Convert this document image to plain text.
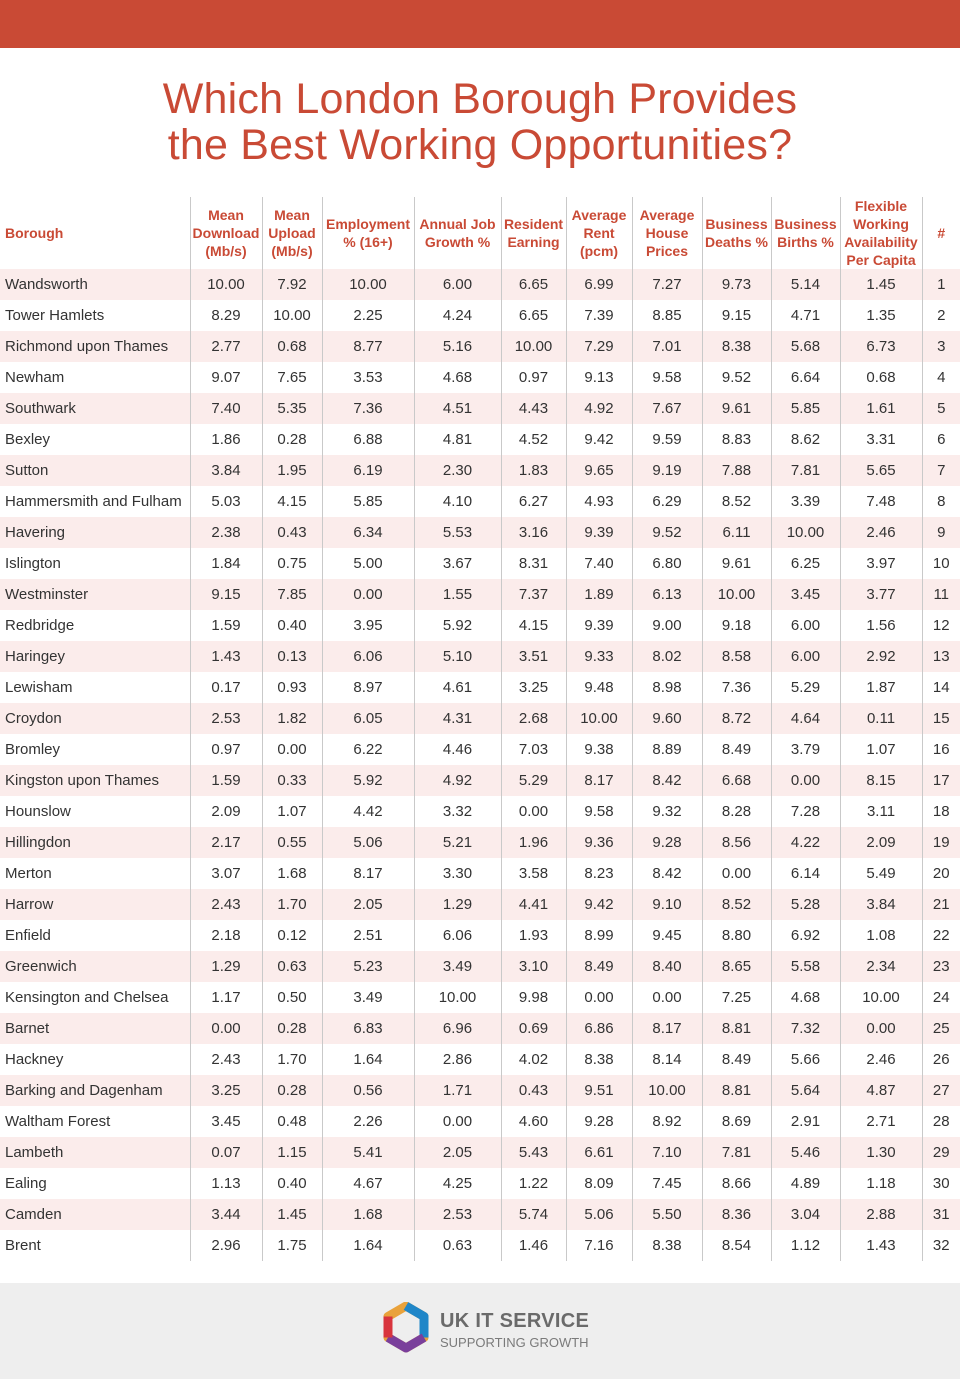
Which London Borough Provides
the Best Working Opportunities?
Borough	Mean Download (Mb/s)	Mean Upload (Mb/s)	Employment % (16+)	Annual Job Growth %	Resident Earning	Average Rent (pcm)	Average House Prices	Business Deaths %	Business Births %	Flexible Working Availability Per Capita	#
Wandsworth	10.00	7.92	10.00	6.00	6.65	6.99	7.27	9.73	5.14	1.45	1
Tower Hamlets	8.29	10.00	2.25	4.24	6.65	7.39	8.85	9.15	4.71	1.35	2
Richmond upon Thames	2.77	0.68	8.77	5.16	10.00	7.29	7.01	8.38	5.68	6.73	3
Newham	9.07	7.65	3.53	4.68	0.97	9.13	9.58	9.52	6.64	0.68	4
Southwark	7.40	5.35	7.36	4.51	4.43	4.92	7.67	9.61	5.85	1.61	5
Bexley	1.86	0.28	6.88	4.81	4.52	9.42	9.59	8.83	8.62	3.31	6
Sutton	3.84	1.95	6.19	2.30	1.83	9.65	9.19	7.88	7.81	5.65	7
Hammersmith and Fulham	5.03	4.15	5.85	4.10	6.27	4.93	6.29	8.52	3.39	7.48	8
Havering	2.38	0.43	6.34	5.53	3.16	9.39	9.52	6.11	10.00	2.46	9
Islington	1.84	0.75	5.00	3.67	8.31	7.40	6.80	9.61	6.25	3.97	10
Westminster	9.15	7.85	0.00	1.55	7.37	1.89	6.13	10.00	3.45	3.77	11
Redbridge	1.59	0.40	3.95	5.92	4.15	9.39	9.00	9.18	6.00	1.56	12
Haringey	1.43	0.13	6.06	5.10	3.51	9.33	8.02	8.58	6.00	2.92	13
Lewisham	0.17	0.93	8.97	4.61	3.25	9.48	8.98	7.36	5.29	1.87	14
Croydon	2.53	1.82	6.05	4.31	2.68	10.00	9.60	8.72	4.64	0.11	15
Bromley	0.97	0.00	6.22	4.46	7.03	9.38	8.89	8.49	3.79	1.07	16
Kingston upon Thames	1.59	0.33	5.92	4.92	5.29	8.17	8.42	6.68	0.00	8.15	17
Hounslow	2.09	1.07	4.42	3.32	0.00	9.58	9.32	8.28	7.28	3.11	18
Hillingdon	2.17	0.55	5.06	5.21	1.96	9.36	9.28	8.56	4.22	2.09	19
Merton	3.07	1.68	8.17	3.30	3.58	8.23	8.42	0.00	6.14	5.49	20
Harrow	2.43	1.70	2.05	1.29	4.41	9.42	9.10	8.52	5.28	3.84	21
Enfield	2.18	0.12	2.51	6.06	1.93	8.99	9.45	8.80	6.92	1.08	22
Greenwich	1.29	0.63	5.23	3.49	3.10	8.49	8.40	8.65	5.58	2.34	23
Kensington and Chelsea	1.17	0.50	3.49	10.00	9.98	0.00	0.00	7.25	4.68	10.00	24
Barnet	0.00	0.28	6.83	6.96	0.69	6.86	8.17	8.81	7.32	0.00	25
Hackney	2.43	1.70	1.64	2.86	4.02	8.38	8.14	8.49	5.66	2.46	26
Barking and Dagenham	3.25	0.28	0.56	1.71	0.43	9.51	10.00	8.81	5.64	4.87	27
Waltham Forest	3.45	0.48	2.26	0.00	4.60	9.28	8.92	8.69	2.91	2.71	28
Lambeth	0.07	1.15	5.41	2.05	5.43	6.61	7.10	7.81	5.46	1.30	29
Ealing	1.13	0.40	4.67	4.25	1.22	8.09	7.45	8.66	4.89	1.18	30
Camden	3.44	1.45	1.68	2.53	5.74	5.06	5.50	8.36	3.04	2.88	31
Brent	2.96	1.75	1.64	0.63	1.46	7.16	8.38	8.54	1.12	1.43	32
UK IT SERVICE
SUPPORTING GROWTH
